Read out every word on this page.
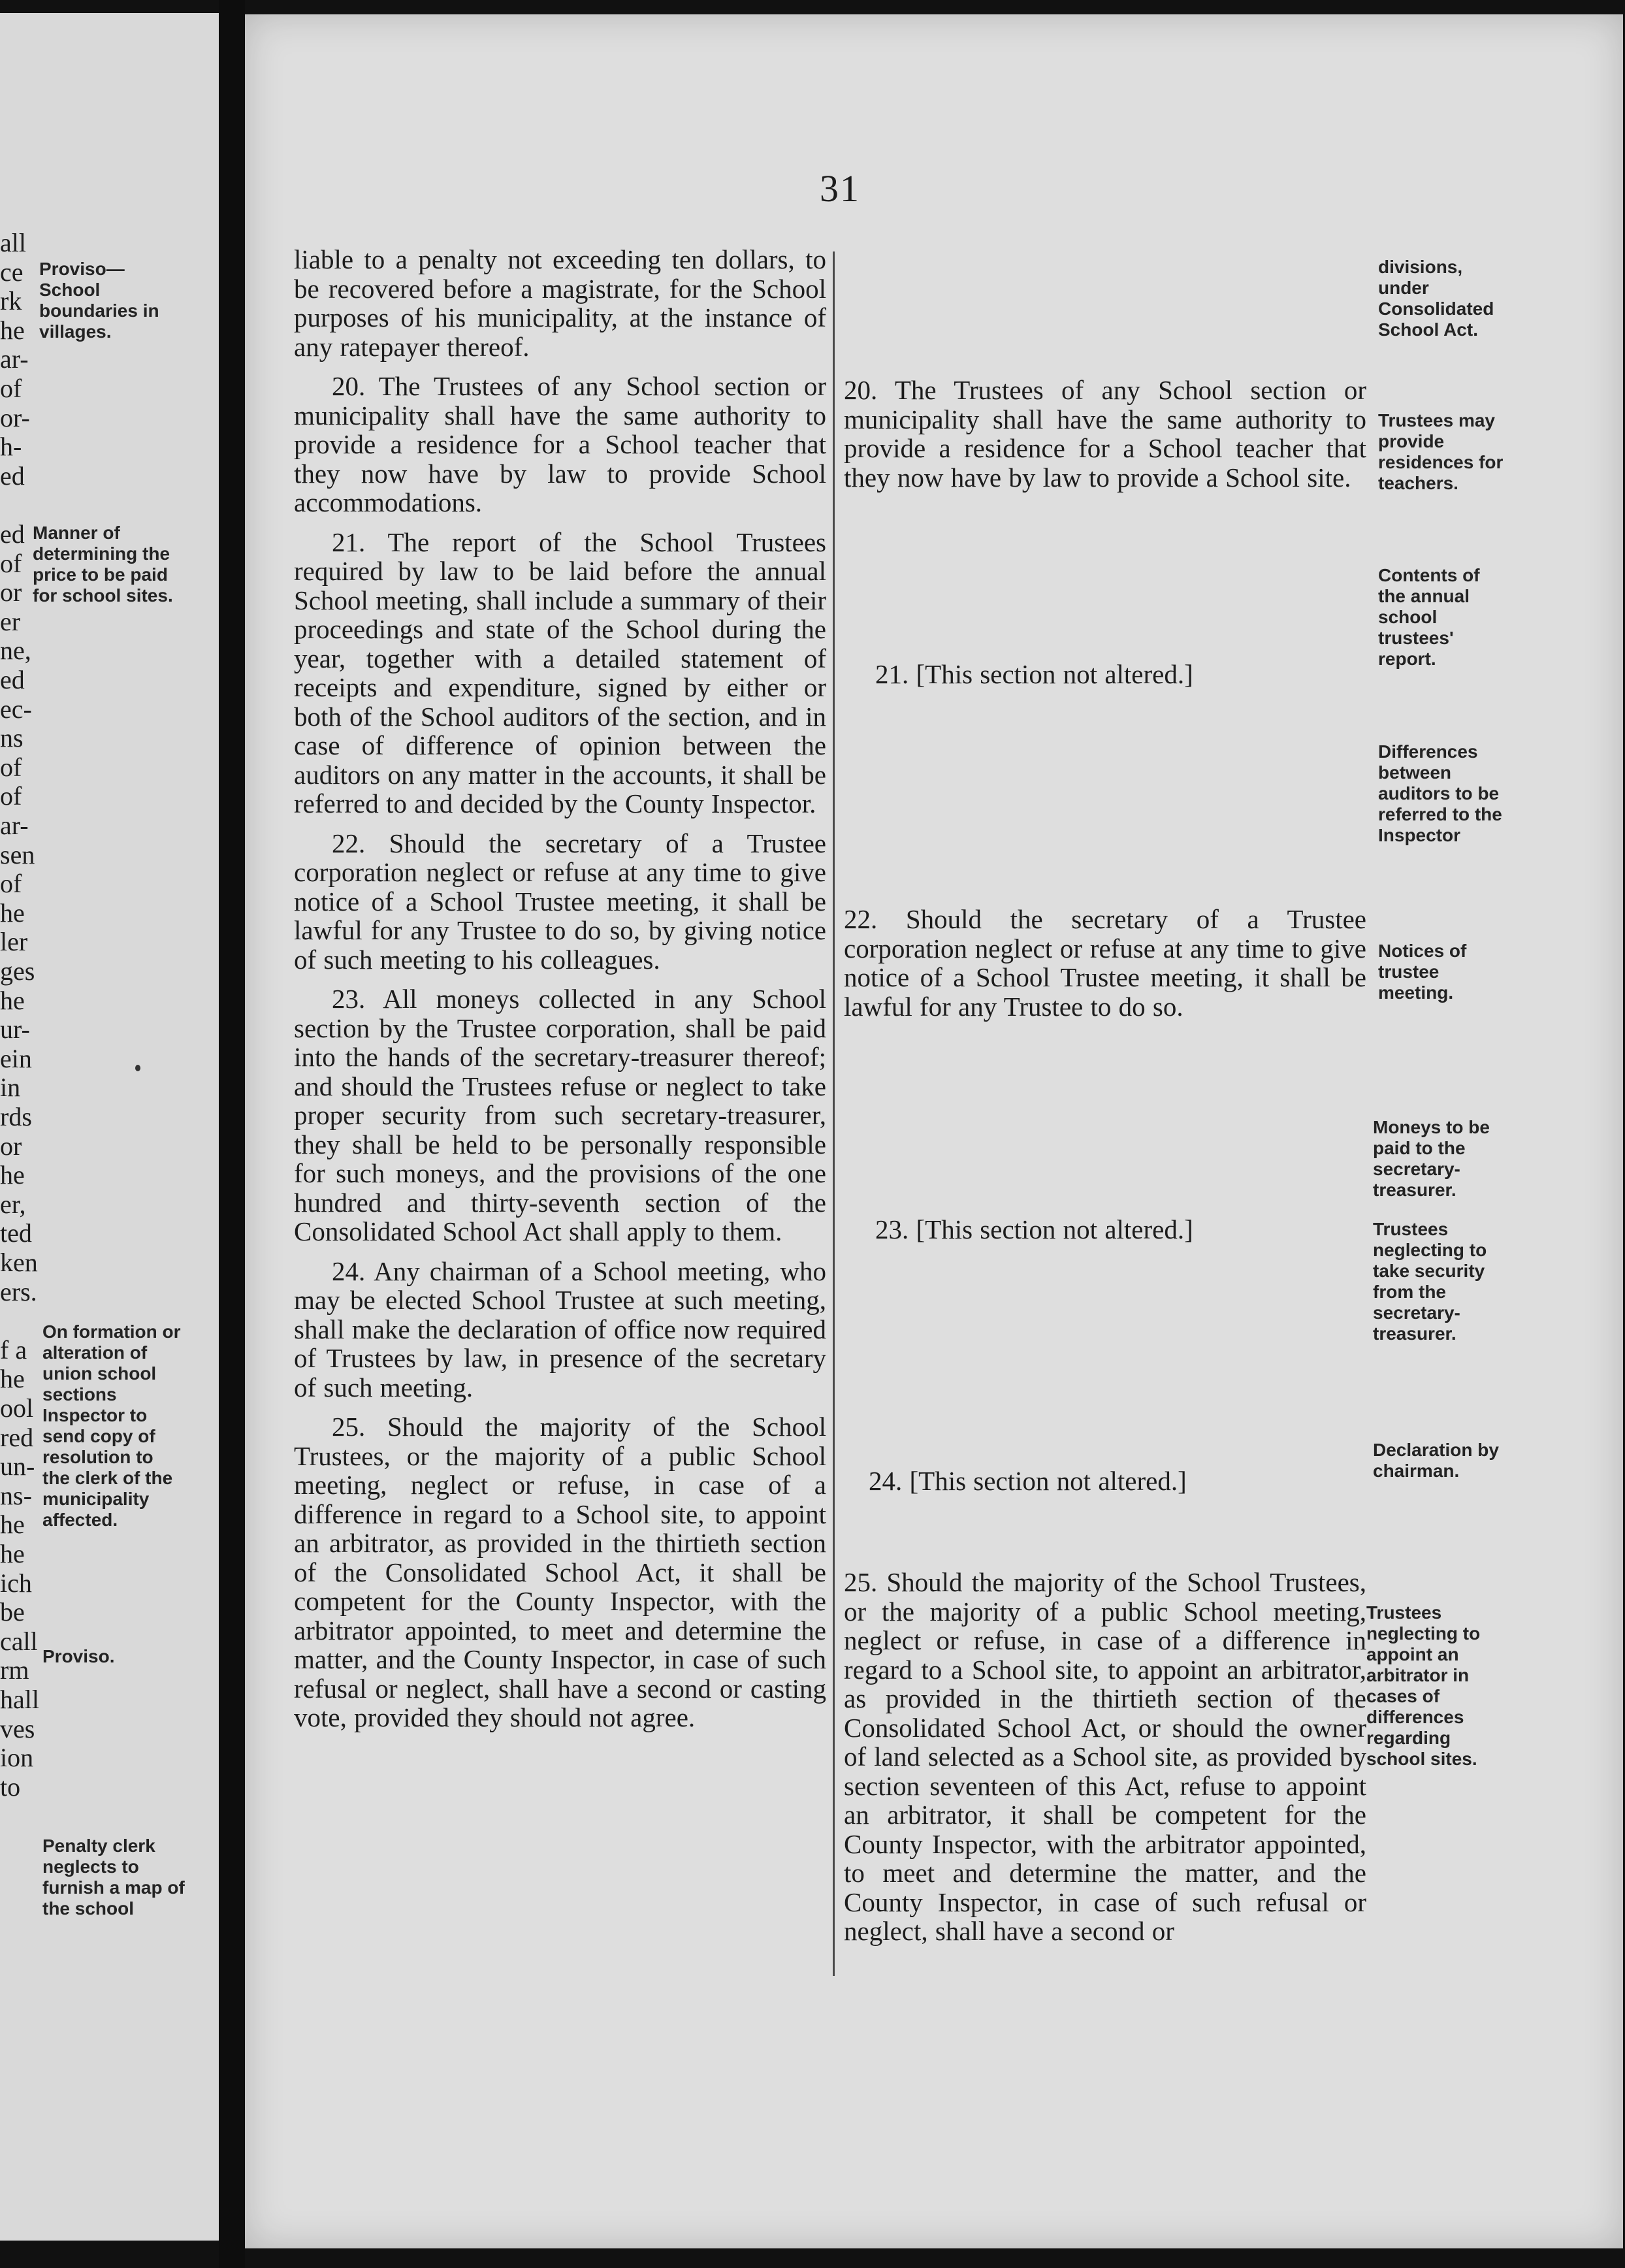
all
ce
rk
he
ar-
of
or-
h-
ed
ed
of
or
er
ne,
ed
ec-
ns
of
of
ar-
sen
of
he
ler
ges
he
ur-
ein
in
rds
or
he
er,
ted
ken
ers.
f a
he
ool
red
un-
ns-
he
he
ich
be
call
rm
hall
ves
ion
to
Proviso—School boundaries in villages.
Manner of determining the price to be paid for school sites.
On formation or alteration of union school sections Inspector to send copy of resolution to the clerk of the municipality affected.
Proviso.
Penalty clerk neglects to furnish a map of the school
31

liable to a penalty not exceeding ten dollars, to be recovered before a magistrate, for the School purposes of his municipality, at the instance of any ratepayer thereof.

20. The Trustees of any School section or municipality shall have the same authority to provide a residence for a School teacher that they now have by law to provide School accommodations.

21. The report of the School Trustees required by law to be laid before the annual School meeting, shall include a summary of their proceedings and state of the School during the year, together with a detailed statement of receipts and expenditure, signed by either or both of the School auditors of the section, and in case of difference of opinion between the auditors on any matter in the accounts, it shall be referred to and decided by the County Inspector.

22. Should the secretary of a Trustee corporation neglect or refuse at any time to give notice of a School Trustee meeting, it shall be lawful for any Trustee to do so, by giving notice of such meeting to his colleagues.

23. All moneys collected in any School section by the Trustee corporation, shall be paid into the hands of the secretary-treasurer thereof; and should the Trustees refuse or neglect to take proper security from such secretary-treasurer, they shall be held to be personally responsible for such moneys, and the provisions of the one hundred and thirty-seventh section of the Consolidated School Act shall apply to them.

24. Any chairman of a School meeting, who may be elected School Trustee at such meeting, shall make the declaration of office now required of Trustees by law, in presence of the secretary of such meeting.

25. Should the majority of the School Trustees, or the majority of a public School meeting, neglect or refuse, in case of a difference in regard to a School site, to appoint an arbitrator, as provided in the thirtieth section of the Consolidated School Act, it shall be competent for the County Inspector, with the arbitrator appointed, to meet and determine the matter, and the County Inspector, in case of such refusal or neglect, shall have a second or casting vote, provided they should not agree.

20. The Trustees of any School section or municipality shall have the same authority to provide a residence for a School teacher that they now have by law to provide a School site.
21. [This section not altered.]
22. Should the secretary of a Trustee corporation neglect or refuse at any time to give notice of a School Trustee meeting, it shall be lawful for any Trustee to do so.
23. [This section not altered.]
24. [This section not altered.]
25. Should the majority of the School Trustees, or the majority of a public School meeting, neglect or refuse, in case of a difference in regard to a School site, to appoint an arbitrator, as provided in the thirtieth section of the Consolidated School Act, or should the owner of land selected as a School site, as provided by section seventeen of this Act, refuse to appoint an arbitrator, it shall be competent for the County Inspector, with the arbitrator appointed, to meet and determine the matter, and the County Inspector, in case of such refusal or neglect, shall have a second or
divisions, under Consolidated School Act.
Trustees may provide residences for teachers.
Contents of the annual school trustees' report.
Differences between auditors to be referred to the Inspector
Notices of trustee meeting.
Moneys to be paid to the secretary-treasurer.
Trustees neglecting to take security from the secretary-treasurer.
Declaration by chairman.
Trustees neglecting to appoint an arbitrator in cases of differences regarding school sites.
